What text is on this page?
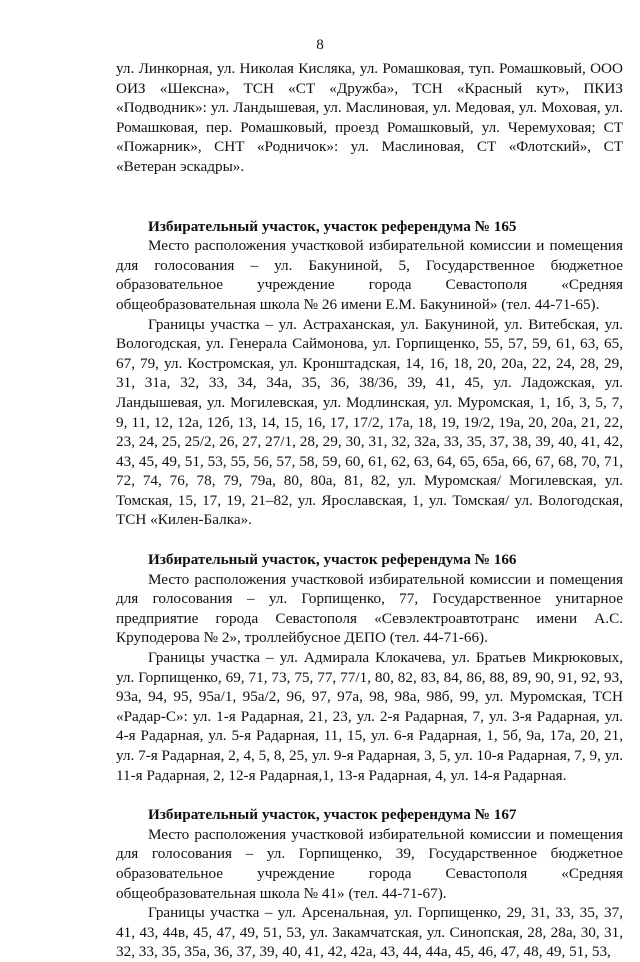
8

ул. Линкорная, ул. Николая Кисляка, ул. Ромашковая, туп. Ромашковый, ООО ОИЗ «Шексна», ТСН «СТ «Дружба», ТСН «Красный кут», ПКИЗ «Подводник»: ул. Ландышевая, ул. Маслиновая, ул. Медовая, ул. Моховая, ул. Ромашковая, пер. Ромашковый, проезд Ромашковый, ул. Черемуховая; СТ «Пожарник», СНТ «Родничок»: ул. Маслиновая, СТ «Флотский», СТ «Ветеран эскадры».

Избирательный участок, участок референдума № 165

Место расположения участковой избирательной комиссии и помещения для голосования – ул. Бакуниной, 5, Государственное бюджетное образовательное учреждение города Севастополя «Средняя общеобразовательная школа № 26 имени Е.М. Бакуниной» (тел. 44-71-65).

Границы участка – ул. Астраханская, ул. Бакуниной, ул. Витебская, ул. Вологодская, ул. Генерала Саймонова, ул. Горпищенко, 55, 57, 59, 61, 63, 65, 67, 79, ул. Костромская, ул. Кронштадская, 14, 16, 18, 20, 20а, 22, 24, 28, 29, 31, 31а, 32, 33, 34, 34а, 35, 36, 38/36, 39, 41, 45, ул. Ладожская, ул. Ландышевая, ул. Могилевская, ул. Модлинская, ул. Муромская, 1, 1б, 3, 5, 7, 9, 11, 12, 12а, 12б, 13, 14, 15, 16, 17, 17/2, 17а, 18, 19, 19/2, 19а, 20, 20а, 21, 22, 23, 24, 25, 25/2, 26, 27, 27/1, 28, 29, 30, 31, 32, 32а, 33, 35, 37, 38, 39, 40, 41, 42, 43, 45, 49, 51, 53, 55, 56, 57, 58, 59, 60, 61, 62, 63, 64, 65, 65а, 66, 67, 68, 70, 71, 72, 74, 76, 78, 79, 79а, 80, 80а, 81, 82, ул. Муромская/ Могилевская, ул. Томская, 15, 17, 19, 21–82, ул. Ярославская, 1, ул. Томская/ ул. Вологодская, ТСН «Килен-Балка».

Избирательный участок, участок референдума № 166

Место расположения участковой избирательной комиссии и помещения для голосования – ул. Горпищенко, 77, Государственное унитарное предприятие города Севастополя «Севэлектроавтотранс имени А.С. Круподерова № 2», троллейбусное ДЕПО (тел. 44-71-66).

Границы участка – ул. Адмирала Клокачева, ул. Братьев Микрюковых, ул. Горпищенко, 69, 71, 73, 75, 77, 77/1, 80, 82, 83, 84, 86, 88, 89, 90, 91, 92, 93, 93а, 94, 95, 95а/1, 95а/2, 96, 97, 97а, 98, 98а, 98б, 99, ул. Муромская, ТСН «Радар-С»: ул. 1-я Радарная, 21, 23, ул. 2-я Радарная, 7, ул. 3-я Радарная, ул. 4-я Радарная, ул. 5-я Радарная, 11, 15, ул. 6-я Радарная, 1, 5б, 9а, 17а, 20, 21, ул. 7-я Радарная, 2, 4, 5, 8, 25, ул. 9-я Радарная, 3, 5, ул. 10-я Радарная, 7, 9, ул. 11-я Радарная, 2, 12-я Радарная,1, 13-я Радарная, 4, ул. 14-я Радарная.

Избирательный участок, участок референдума № 167

Место расположения участковой избирательной комиссии и помещения для голосования – ул. Горпищенко, 39, Государственное бюджетное образовательное учреждение города Севастополя «Средняя общеобразовательная школа № 41» (тел. 44-71-67).

Границы участка – ул. Арсенальная, ул. Горпищенко, 29, 31, 33, 35, 37, 41, 43, 44в, 45, 47, 49, 51, 53, ул. Закамчатская, ул. Синопская, 28, 28а, 30, 31, 32, 33, 35, 35а, 36, 37, 39, 40, 41, 42, 42а, 43, 44, 44а, 45, 46, 47, 48, 49, 51, 53,
